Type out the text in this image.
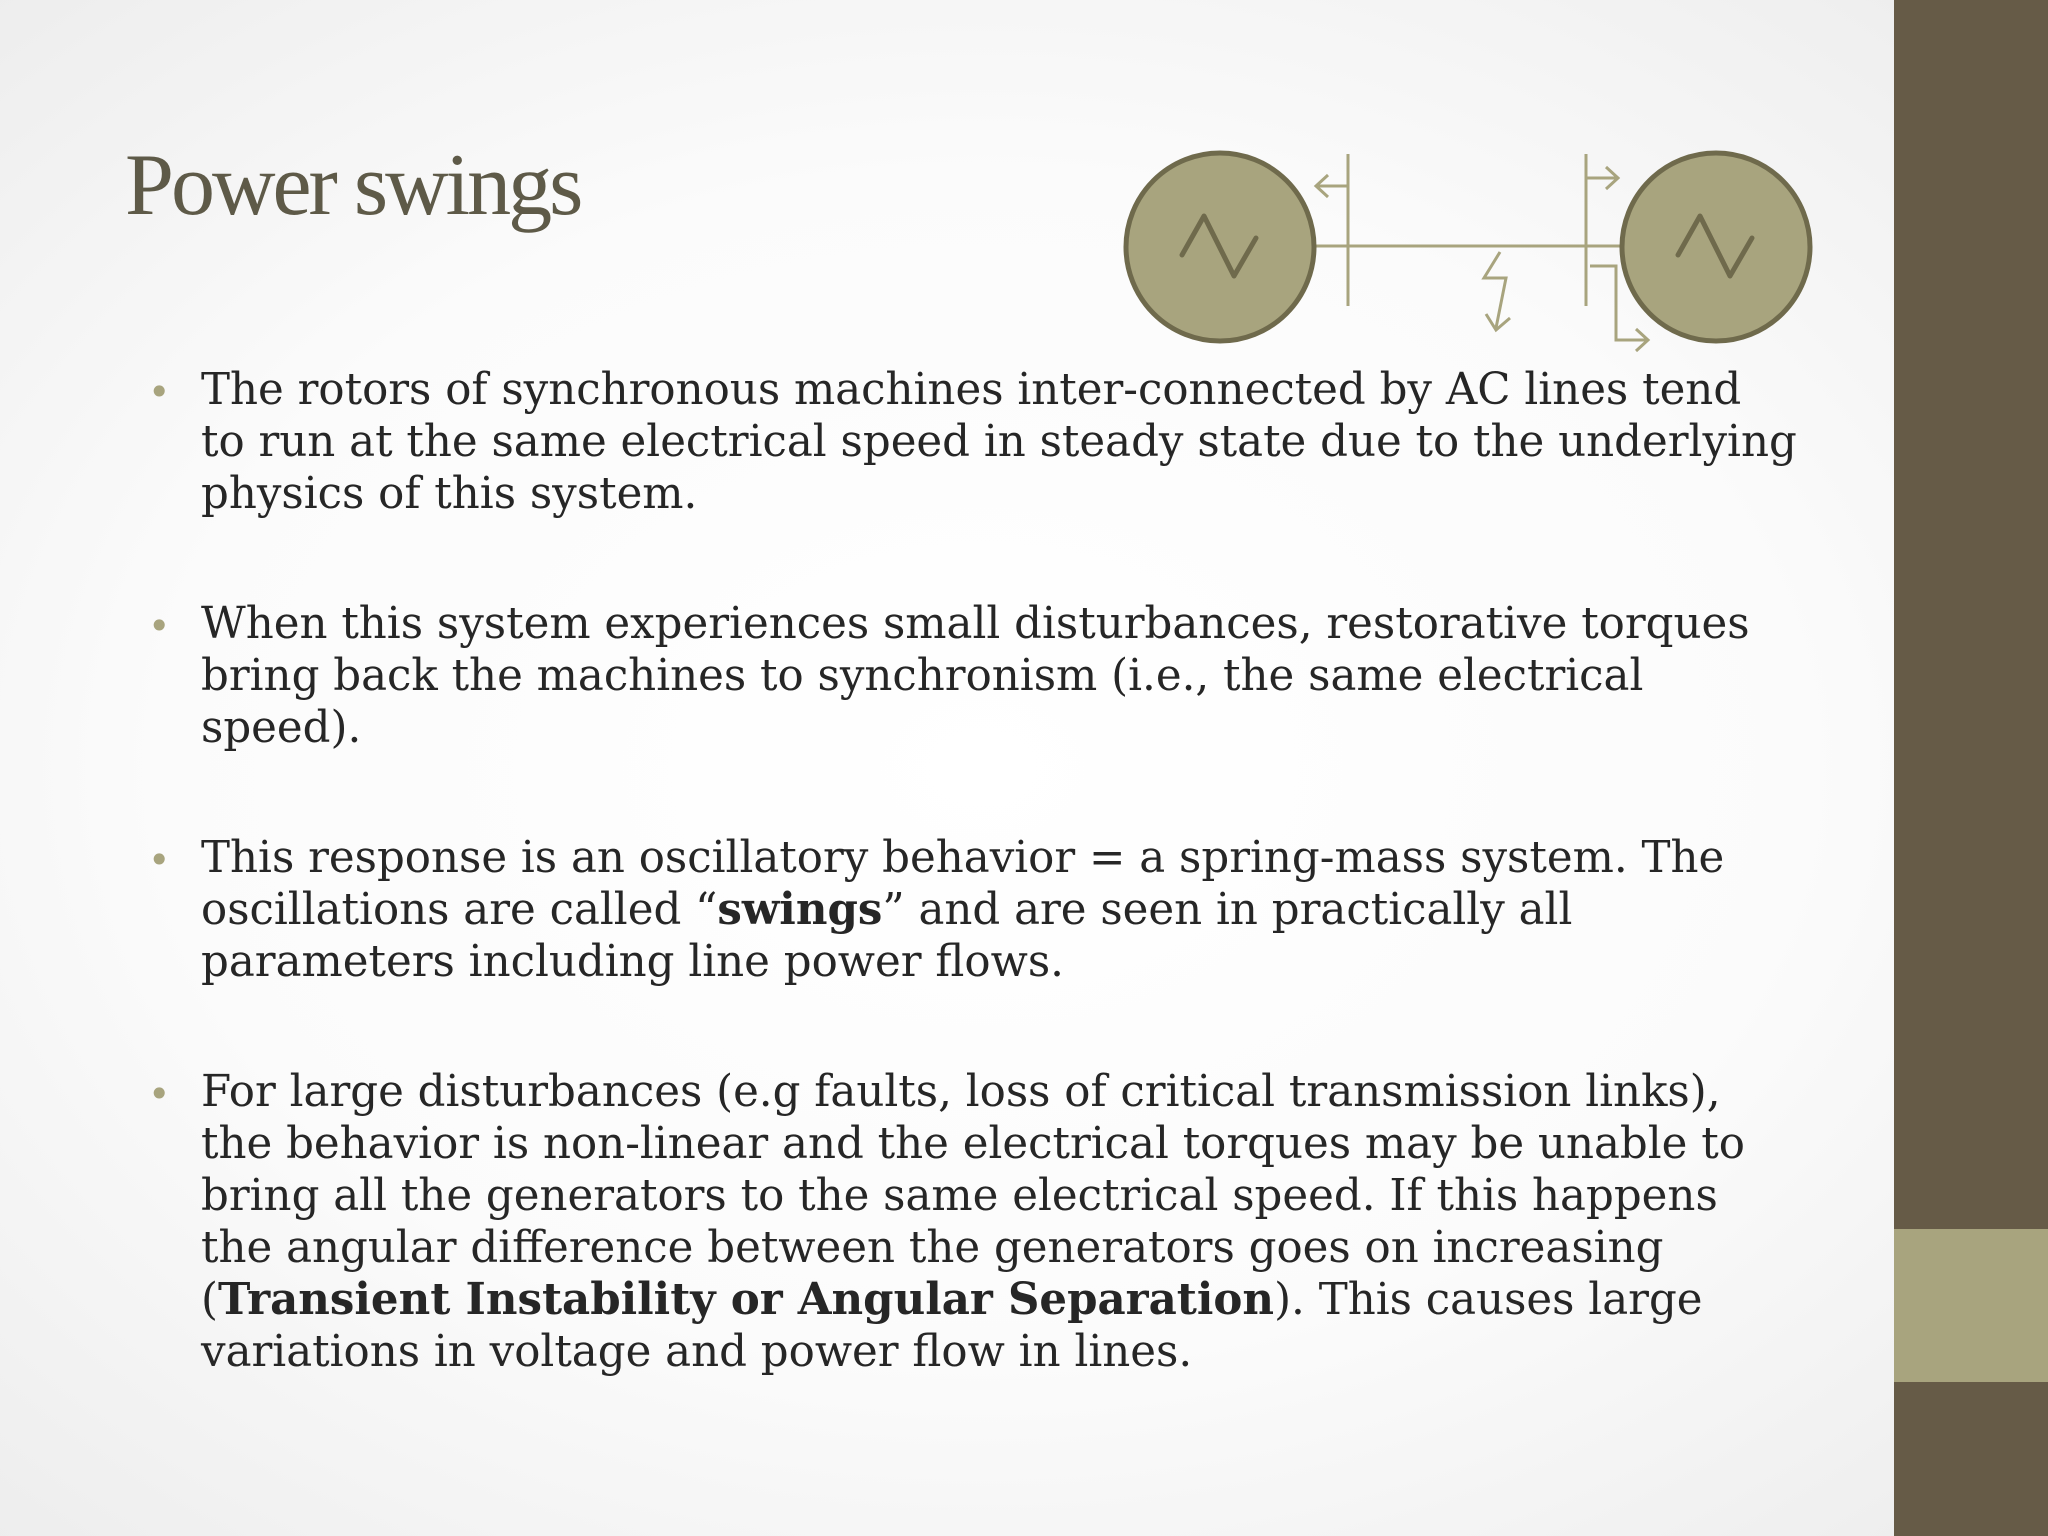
Power swings
• The rotors of synchronous machines inter-connected by AC lines tend to run at the same electrical speed in steady state due to the underlying physics of this system.
• When this system experiences small disturbances, restorative torques bring back the machines to synchronism (i.e., the same electrical speed).
• This response is an oscillatory behavior = a spring-mass system. The oscillations are called “swings” and are seen in practically all parameters including line power flows.
• For large disturbances (e.g faults, loss of critical transmission links), the behavior is non-linear and the electrical torques may be unable to bring all the generators to the same electrical speed. If this happens the angular difference between the generators goes on increasing (Transient Instability or Angular Separation). This causes large variations in voltage and power flow in lines.
